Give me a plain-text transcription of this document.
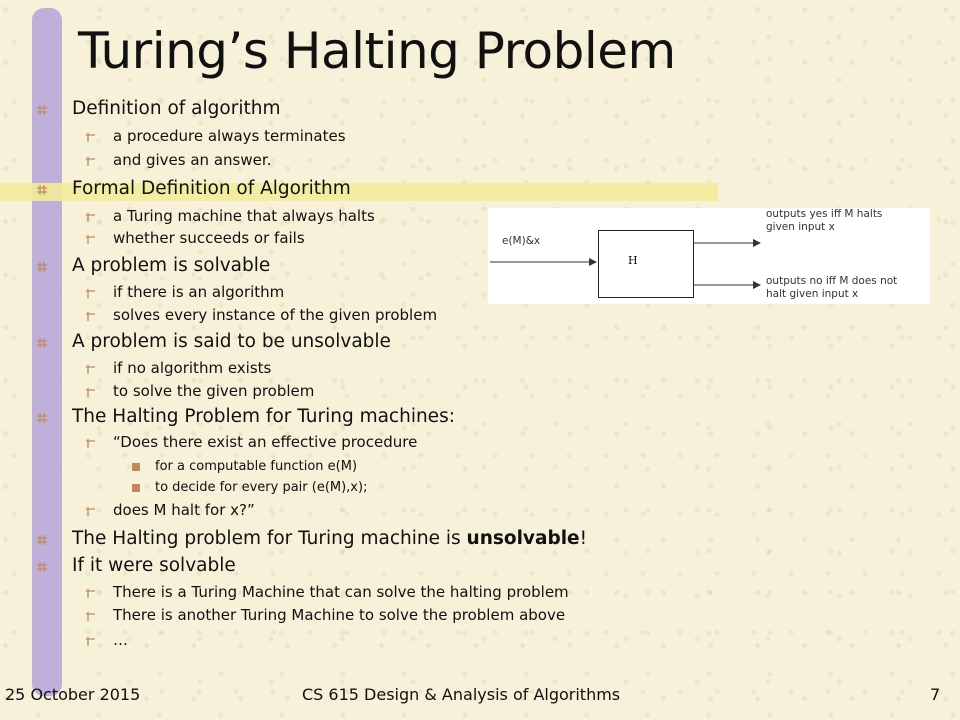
Turing’s Halting Problem
Definition of algorithm
a procedure always terminates
and gives an answer.
Formal Definition of Algorithm
a Turing machine that always halts
whether succeeds or fails
A problem is solvable
if there is an algorithm
solves every instance of the given problem
A problem is said to be unsolvable
if no algorithm exists
to solve the given problem
The Halting Problem for Turing machines:
“Does there exist an effective procedure
for a computable function e(M)
to decide for every pair (e(M),x);
does M halt for x?”
The Halting problem for Turing machine is unsolvable!
If it were solvable
There is a Turing Machine that can solve the halting problem
There is another Turing Machine to solve the problem above
…
e(M)&x
H
outputs yes iff M halts
given input x
outputs no iff M does not
halt given input x
25 October 2015	CS 615 Design & Analysis of Algorithms	7
